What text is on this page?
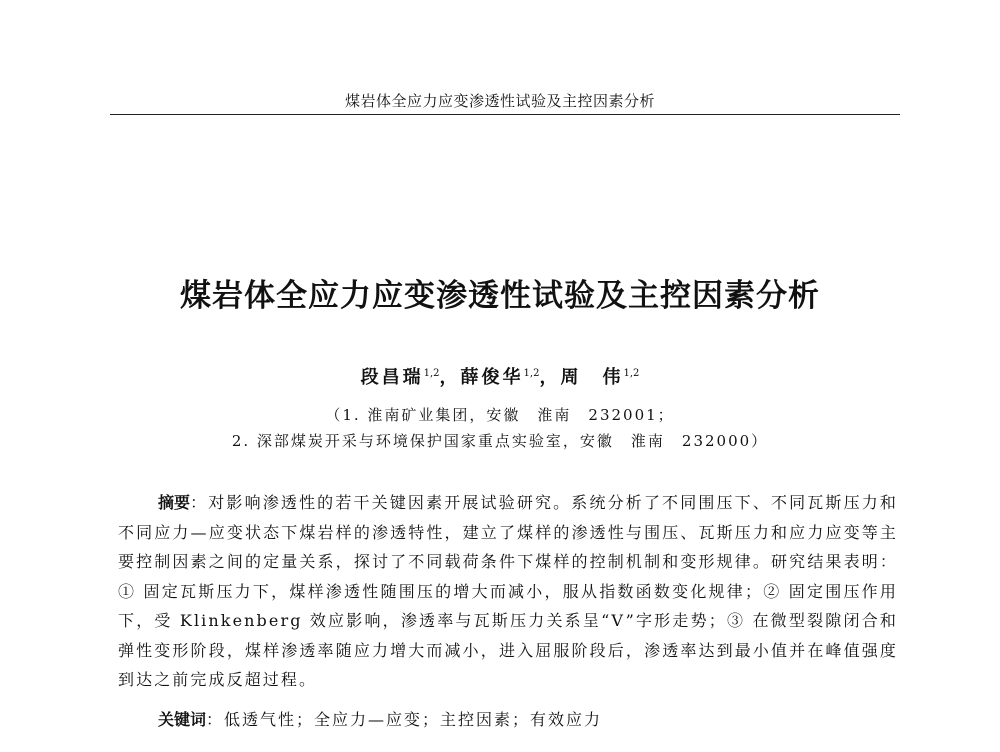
煤岩体全应力应变渗透性试验及主控因素分析
煤岩体全应力应变渗透性试验及主控因素分析
段昌瑞$^{1,2}$，薛俊华$^{1,2}$，周　伟$^{1,2}$
（1. 淮南矿业集团，安徽　淮南　232001；
2. 深部煤炭开采与环境保护国家重点实验室，安徽　淮南　232000）
摘要：对影响渗透性的若干关键因素开展试验研究。系统分析了不同围压下、不同瓦斯压力和不同应力—应变状态下煤岩样的渗透特性，建立了煤样的渗透性与围压、瓦斯压力和应力应变等主要控制因素之间的定量关系，探讨了不同载荷条件下煤样的控制机制和变形规律。研究结果表明：① 固定瓦斯压力下，煤样渗透性随围压的增大而减小，服从指数函数变化规律；② 固定围压作用下，受 Klinkenberg 效应影响，渗透率与瓦斯压力关系呈“V”字形走势；③ 在微型裂隙闭合和弹性变形阶段，煤样渗透率随应力增大而减小，进入屈服阶段后，渗透率达到最小值并在峰值强度到达之前完成反超过程。
关键词：低透气性；全应力—应变；主控因素；有效应力
